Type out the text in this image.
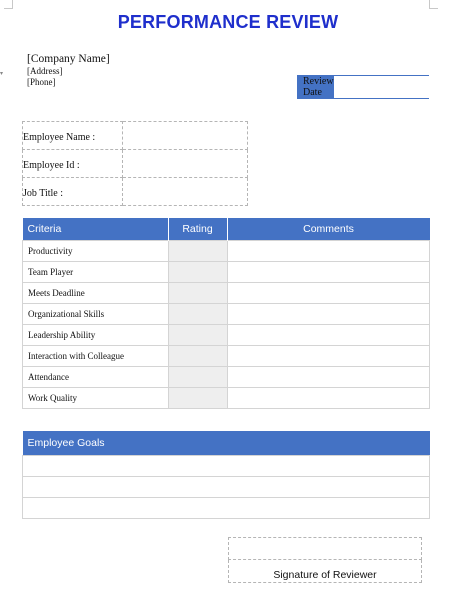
▾
PERFORMANCE REVIEW
[Company Name]
[Address]
[Phone]	Review Date
Employee Name :	
Employee Id :	
Job Title :	
Criteria	Rating	Comments
Productivity		
Team Player		
Meets Deadline		
Organizational Skills		
Leadership Ability		
Interaction with Colleague		
Attendance		
Work Quality		
Employee Goals

Signature of Reviewer
